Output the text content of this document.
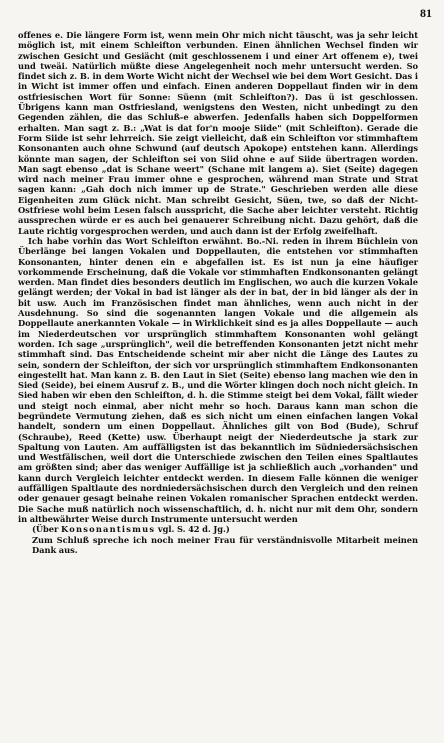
81

offenes e. Die längere Form ist, wenn mein Ohr mich nicht täuscht, was ja sehr leicht möglich ist, mit einem Schleifton verbunden. Einen ähnlichen Wechsel finden wir zwischen Gesicht und Gesiächt (mit geschlossenem i und einer Art offenem e), twei und tweäi. Natürlich müßte diese Angelegenheit noch mehr untersucht werden. So findet sich z. B. in dem Worte Wicht nicht der Wechsel wie bei dem Wort Gesicht. Das i in Wicht ist immer offen und einfach. Einen anderen Doppellaut finden wir in dem ostfriesischen Wort für Sonne: Süenn (mit Schleifton?). Das ü ist geschlossen. Übrigens kann man Ostfriesland, wenigstens den Westen, nicht unbedingt zu den Gegenden zählen, die das Schluß-e abwerfen. Jedenfalls haben sich Doppelformen erhalten. Man sagt z. B.: „Wat is dat for'n mooje Siide" (mit Schleifton). Gerade die Form Siide ist sehr lehrreich. Sie zeigt vielleicht, daß ein Schleifton vor stimmhaftem Konsonanten auch ohne Schwund (auf deutsch Apokope) entstehen kann. Allerdings könnte man sagen, der Schleifton sei von Siid ohne e auf Siide übertragen worden. Man sagt ebenso „dat is Schane weert" (Schane mit langem a). Siet (Seite) dagegen wird nach meiner Frau immer ohne e gesprochen, während man Strate und Strat sagen kann: „Gah doch nich immer up de Strate." Geschrieben werden alle diese Eigenheiten zum Glück nicht. Man schreibt Gesicht, Süen, twe, so daß der Nicht-Ostfriese wohl beim Lesen falsch ausspricht, die Sache aber leichter versteht. Richtig aussprechen würde er es auch bei genauerer Schreibung nicht. Dazu gehört, daß die Laute richtig vorgesprochen werden, und auch dann ist der Erfolg zweifelhaft.

Ich habe vorhin das Wort Schleifton erwähnt. Bo.-Ni. reden in ihrem Büchlein von Überlänge bei langen Vokalen und Doppellauten, die entstehen vor stimmhaften Konsonanten, hinter denen ein e abgefallen ist. Es ist nun ja eine häufiger vorkommende Erscheinung, daß die Vokale vor stimmhaften Endkonsonanten gelängt werden. Man findet dies besonders deutlich im Englischen, wo auch die kurzen Vokale gelängt werden; der Vokal in bad ist länger als der in bat, der in bid länger als der in bit usw. Auch im Französischen findet man ähnliches, wenn auch nicht in der Ausdehnung. So sind die sogenannten langen Vokale und die allgemein als Doppellaute anerkannten Vokale — in Wirklichkeit sind es ja alles Doppellaute — auch im Niederdeutschen vor ursprünglich stimmhaftem Konsonanten wohl gelängt worden. Ich sage „ursprünglich", weil die betreffenden Konsonanten jetzt nicht mehr stimmhaft sind. Das Entscheidende scheint mir aber nicht die Länge des Lautes zu sein, sondern der Schleifton, der sich vor ursprünglich stimmhaftem Endkonsonanten eingestellt hat. Man kann z. B. den Laut in Siet (Seite) ebenso lang machen wie den in Sied (Seide), bei einem Ausruf z. B., und die Wörter klingen doch noch nicht gleich. In Sied haben wir eben den Schleifton, d. h. die Stimme steigt bei dem Vokal, fällt wieder und steigt noch einmal, aber nicht mehr so hoch. Daraus kann man schon die begründete Vermutung ziehen, daß es sich nicht um einen einfachen langen Vokal handelt, sondern um einen Doppellaut. Ähnliches gilt von Bod (Bude), Schruf (Schraube), Reed (Kette) usw. Überhaupt neigt der Niederdeutsche ja stark zur Spaltung von Lauten. Am auffälligsten ist das bekanntlich im Südniedersächsischen und Westfälischen, weil dort die Unterschiede zwischen den Teilen eines Spaltlautes am größten sind; aber das weniger Auffällige ist ja schließlich auch „vorhanden" und kann durch Vergleich leichter entdeckt werden. In diesem Falle können die weniger auffälligen Spaltlaute des nordniedersächsischen durch den Vergleich und den reinen oder genauer gesagt beinahe reinen Vokalen romanischer Sprachen entdeckt werden. Die Sache muß natürlich noch wissenschaftlich, d. h. nicht nur mit dem Ohr, sondern in altbewährter Weise durch Instrumente untersucht werden

(Über Konsonantismus vgl. S. 42 d. Jg.)

Zum Schluß spreche ich noch meiner Frau für verständnisvolle Mitarbeit meinen Dank aus.
